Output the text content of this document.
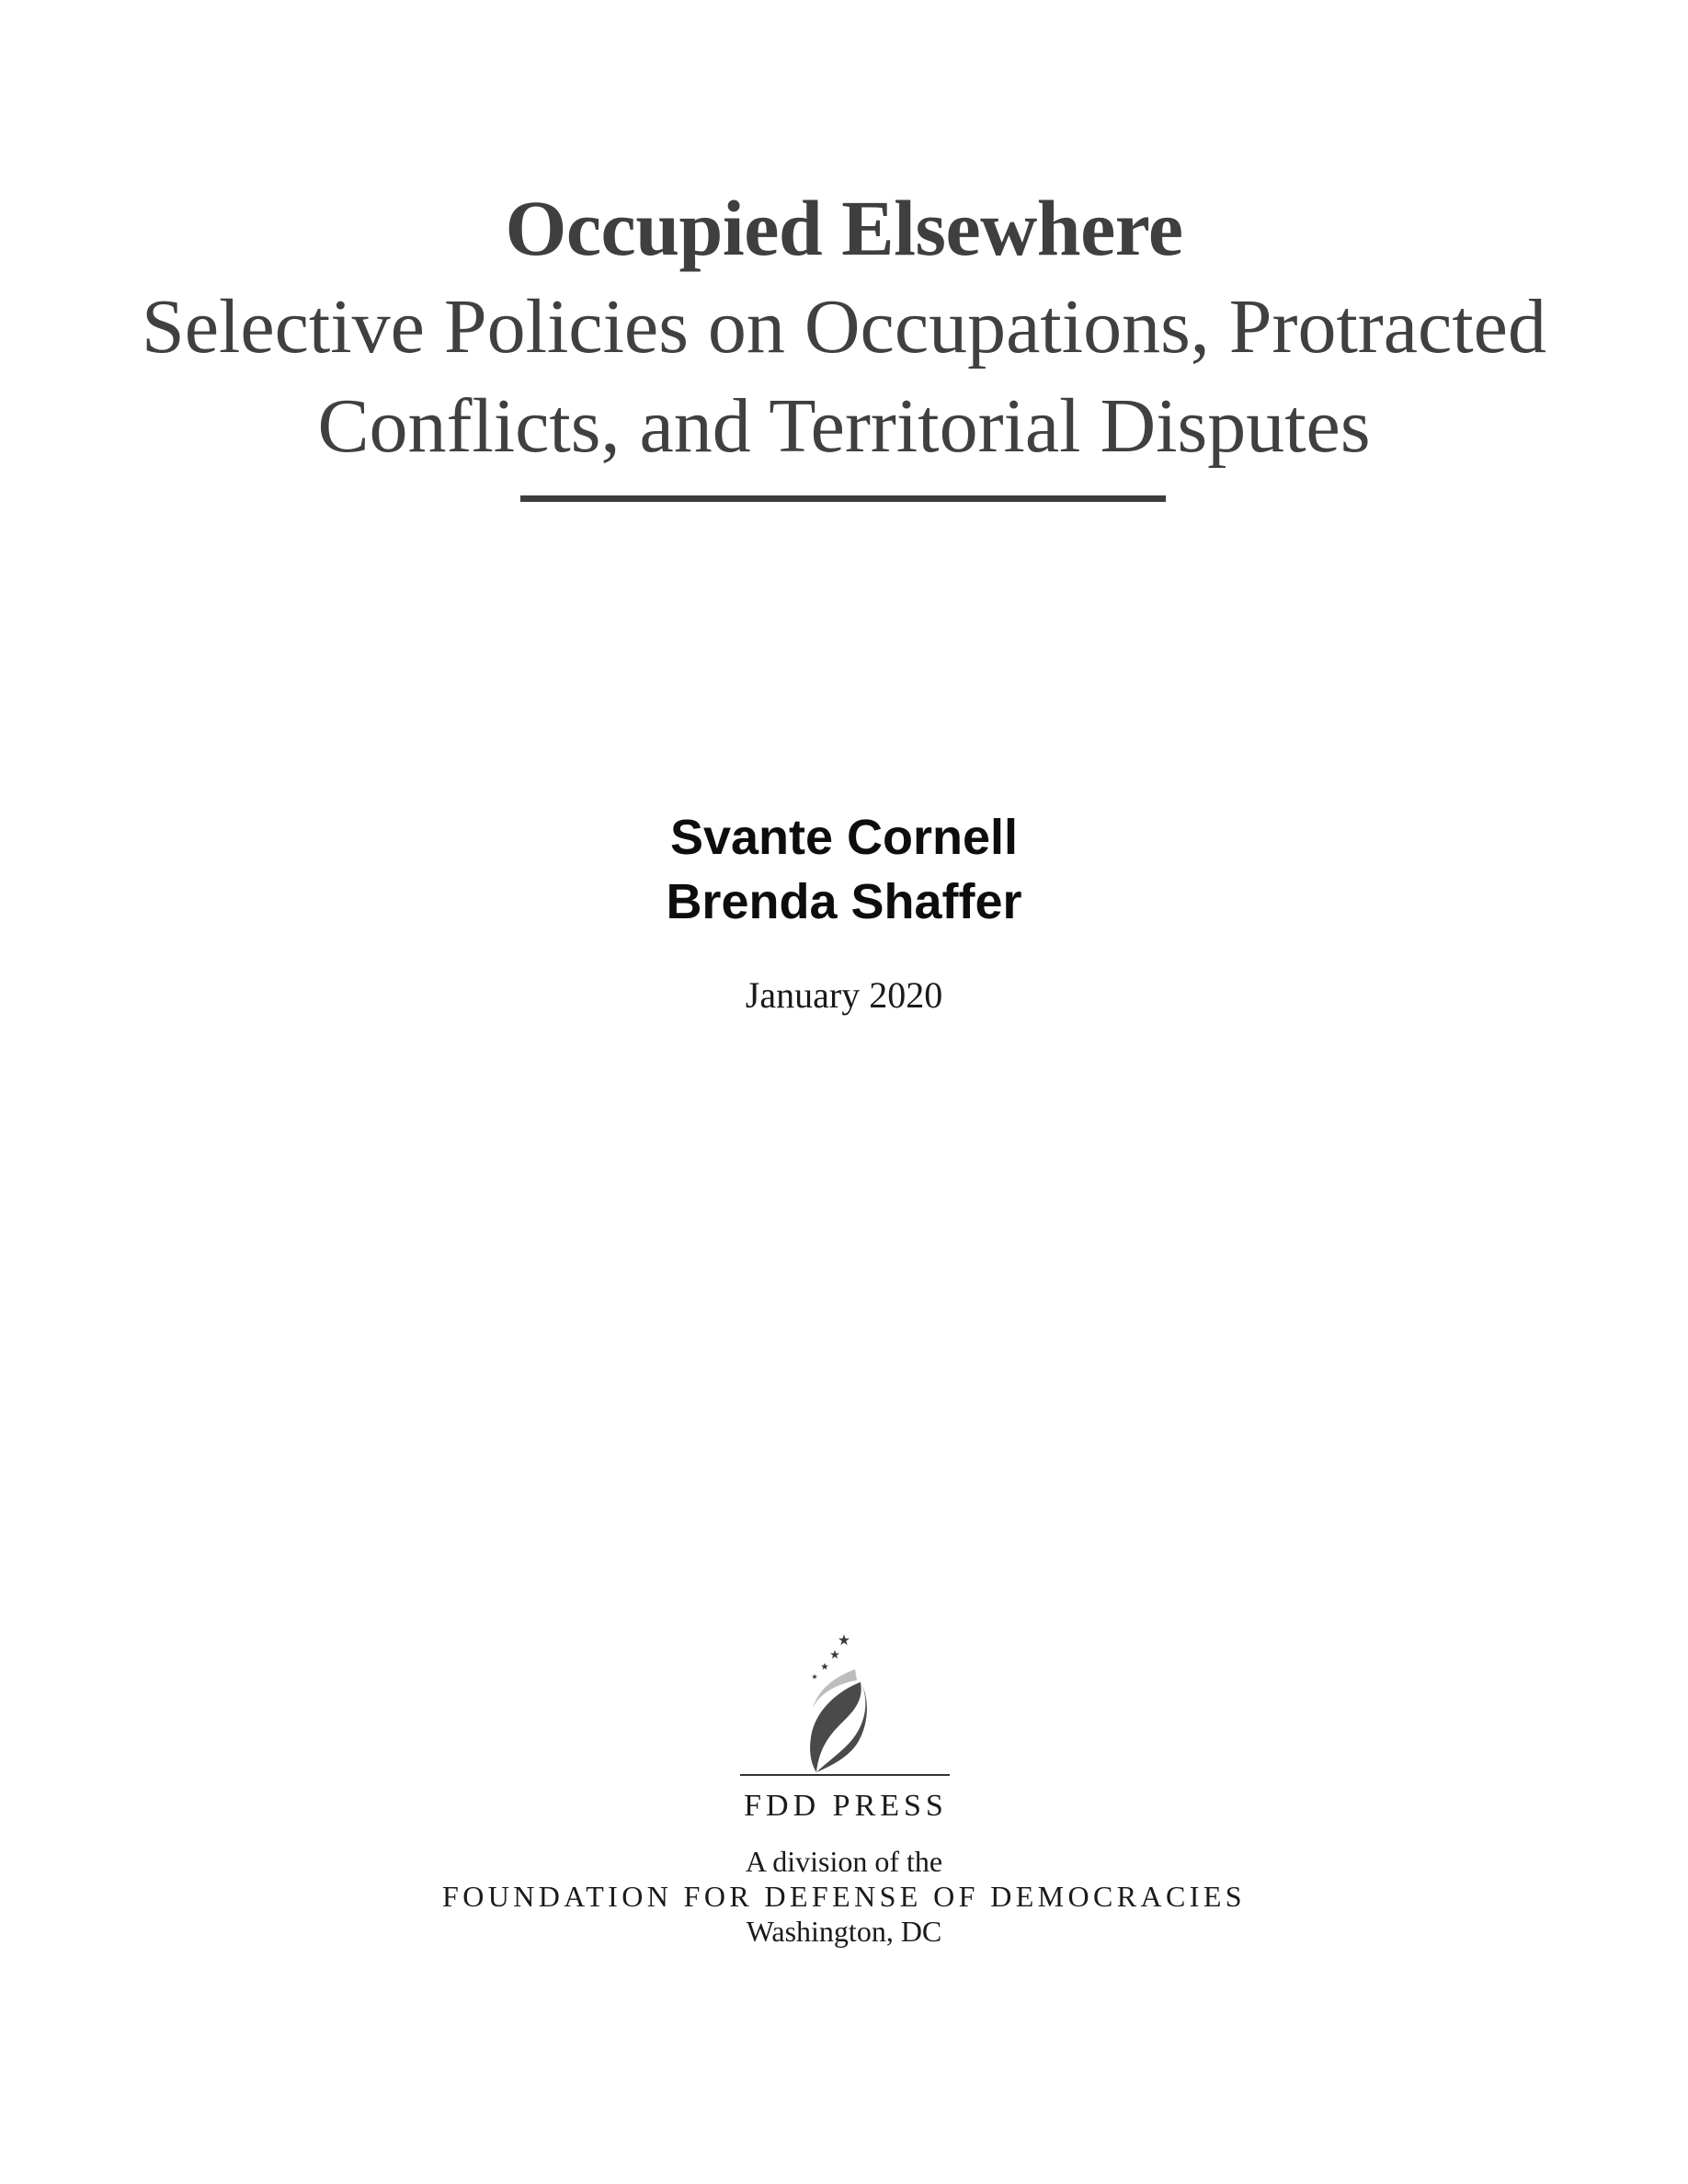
Occupied Elsewhere
Selective Policies on Occupations, Protracted
Conflicts, and Territorial Disputes
Svante Cornell
Brenda Shaffer
January 2020
FDD PRESS
A division of the
FOUNDATION FOR DEFENSE OF DEMOCRACIES
Washington, DC
